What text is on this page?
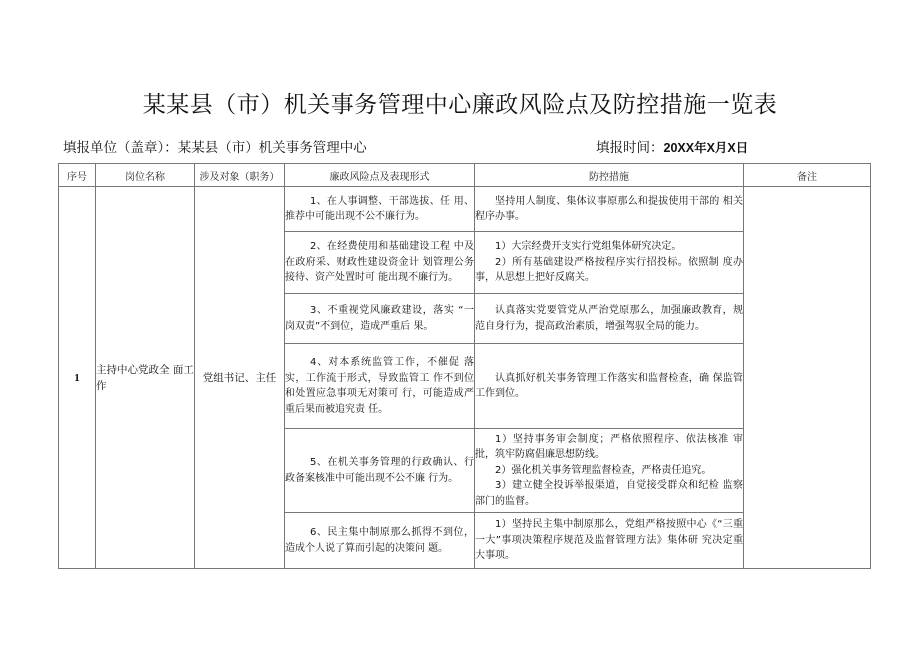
某某县（市）机关事务管理中心廉政风险点及防控措施一览表
填报单位（盖章）：某某县（市）机关事务管理中心	填报时间：20XX年X月X日
序号	岗位名称	涉及对象（职务）	廉政风险点及表现形式	防控措施	备注
1	主持中心党政全 面工作	党组书记、主任	1、在人事调整、干部选拔、任 用、推荐中可能出现不公不廉行为。	坚持用人制度、集体议事原那么和提拔使用干部的 相关程序办事。	

			2、在经费使用和基础建设工程 中及在政府采、财政性建设资金计 划管理公务接待、资产处置时可 能出现不廉行为。	1）大宗经费开支实行党组集体研究决定。

2）所有基础建设严格按程序实行招投标。依照制 度办事，从思想上把好反腐关。	

			3、不重视党风廉政建设，落实 “一岗双责”不到位，造成严重后 果。	认真落实党要管党从严治党原那么，加强廉政教育，规范自身行为，提高政治素质，增强驾驭全局的能力。	

			4、对本系统监管工作，不催促 落实，工作流于形式，导致监管工 作不到位和处置应急事项无对策可 行，可能造成严重后果而被追究责 任。	认真抓好机关事务管理工作落实和监督检查，确 保监管工作到位。	

			5、在机关事务管理的行政确认、行政备案核准中可能出现不公不廉 行为。	1）坚持事务审会制度；严格依照程序、依法核准 审批，筑牢防腐倡廉思想防线。

2）强化机关事务管理监督检查，严格责任追究。

3）建立健全投诉举报渠道，自觉接受群众和纪检 监察部门的监督。	

			6、民主集中制原那么抓得不到位，造成个人说了算而引起的决策问 题。	1）坚持民主集中制原那么，党组严格按照中心《“三重一大”事项决策程序规范及监督管理方法》集体研 究决定重大事项。	
